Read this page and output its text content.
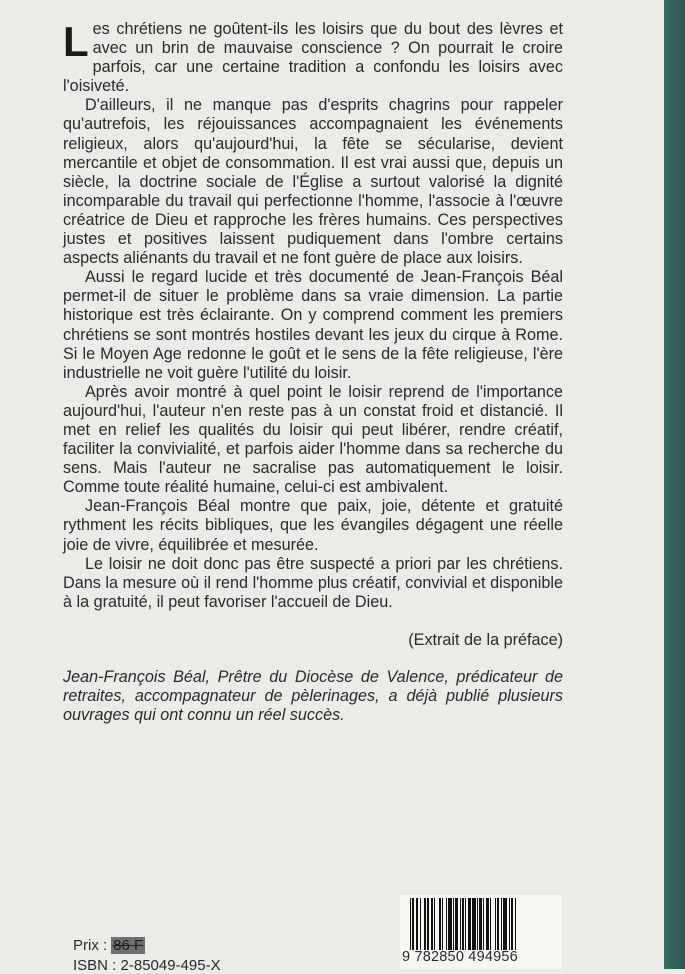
Les chrétiens ne goûtent-ils les loisirs que du bout des lèvres et avec un brin de mauvaise conscience ? On pourrait le croire parfois, car une certaine tradition a confondu les loisirs avec l'oisiveté.

D'ailleurs, il ne manque pas d'esprits chagrins pour rappeler qu'autrefois, les réjouissances accompagnaient les événements religieux, alors qu'aujourd'hui, la fête se sécularise, devient mercantile et objet de consommation. Il est vrai aussi que, depuis un siècle, la doctrine sociale de l'Église a surtout valorisé la dignité incomparable du travail qui perfectionne l'homme, l'associe à l'œuvre créatrice de Dieu et rapproche les frères humains. Ces perspectives justes et positives laissent pudiquement dans l'ombre certains aspects aliénants du travail et ne font guère de place aux loisirs.

Aussi le regard lucide et très documenté de Jean-François Béal permet-il de situer le problème dans sa vraie dimension. La partie historique est très éclairante. On y comprend comment les premiers chrétiens se sont montrés hostiles devant les jeux du cirque à Rome. Si le Moyen Age redonne le goût et le sens de la fête religieuse, l'ère industrielle ne voit guère l'utilité du loisir.

Après avoir montré à quel point le loisir reprend de l'importance aujourd'hui, l'auteur n'en reste pas à un constat froid et distancié. Il met en relief les qualités du loisir qui peut libérer, rendre créatif, faciliter la convivialité, et parfois aider l'homme dans sa recherche du sens. Mais l'auteur ne sacralise pas automatiquement le loisir. Comme toute réalité humaine, celui-ci est ambivalent.

Jean-François Béal montre que paix, joie, détente et gratuité rythment les récits bibliques, que les évangiles dégagent une réelle joie de vivre, équilibrée et mesurée.

Le loisir ne doit donc pas être suspecté a priori par les chrétiens. Dans la mesure où il rend l'homme plus créatif, convivial et disponible à la gratuité, il peut favoriser l'accueil de Dieu.

(Extrait de la préface)

Jean-François Béal, Prêtre du Diocèse de Valence, prédicateur de retraites, accompagnateur de pèlerinages, a déjà publié plusieurs ouvrages qui ont connu un réel succès.

Prix : 86 F
ISBN : 2-85049-495-X	9 782850 494956
